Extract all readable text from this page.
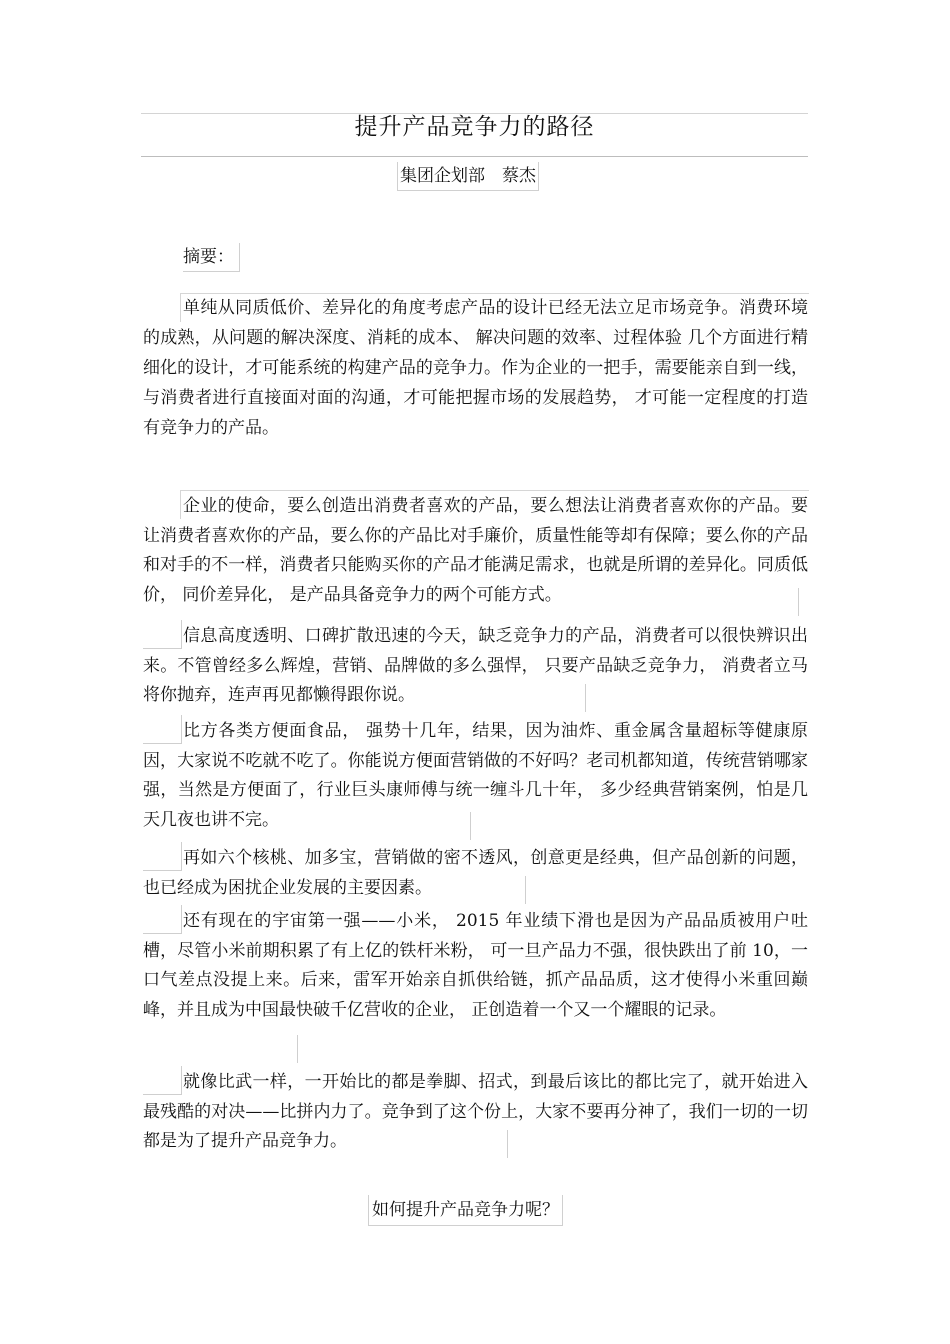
提升产品竞争力的路径
集团企划部　蔡杰
摘要：

单纯从同质低价、差异化的角度考虑产品的设计已经无法立足市场竞争。消费环境的成熟，从问题的解决深度、消耗的成本、 解决问题的效率、过程体验 几个方面进行精细化的设计，才可能系统的构建产品的竞争力。作为企业的一把手，需要能亲自到一线，与消费者进行直接面对面的沟通，才可能把握市场的发展趋势， 才可能一定程度的打造有竞争力的产品。

企业的使命，要么创造出消费者喜欢的产品，要么想法让消费者喜欢你的产品。要让消费者喜欢你的产品，要么你的产品比对手廉价，质量性能等却有保障；要么你的产品和对手的不一样，消费者只能购买你的产品才能满足需求，也就是所谓的差异化。同质低价， 同价差异化， 是产品具备竞争力的两个可能方式。

信息高度透明、口碑扩散迅速的今天，缺乏竞争力的产品，消费者可以很快辨识出来。不管曾经多么辉煌，营销、品牌做的多么强悍， 只要产品缺乏竞争力， 消费者立马将你抛弃，连声再见都懒得跟你说。

比方各类方便面食品， 强势十几年，结果，因为油炸、重金属含量超标等健康原因，大家说不吃就不吃了。你能说方便面营销做的不好吗？老司机都知道，传统营销哪家强，当然是方便面了，行业巨头康师傅与统一缠斗几十年， 多少经典营销案例，怕是几天几夜也讲不完。

再如六个核桃、加多宝，营销做的密不透风，创意更是经典，但产品创新的问题，也已经成为困扰企业发展的主要因素。

还有现在的宇宙第一强——小米， 2015 年业绩下滑也是因为产品品质被用户吐槽，尽管小米前期积累了有上亿的铁杆米粉， 可一旦产品力不强，很快跌出了前 10，一口气差点没提上来。后来，雷军开始亲自抓供给链，抓产品品质，这才使得小米重回巅峰，并且成为中国最快破千亿营收的企业， 正创造着一个又一个耀眼的记录。

就像比武一样，一开始比的都是拳脚、招式，到最后该比的都比完了，就开始进入最残酷的对决——比拼内力了。竞争到了这个份上，大家不要再分神了，我们一切的一切都是为了提升产品竞争力。

如何提升产品竞争力呢？
